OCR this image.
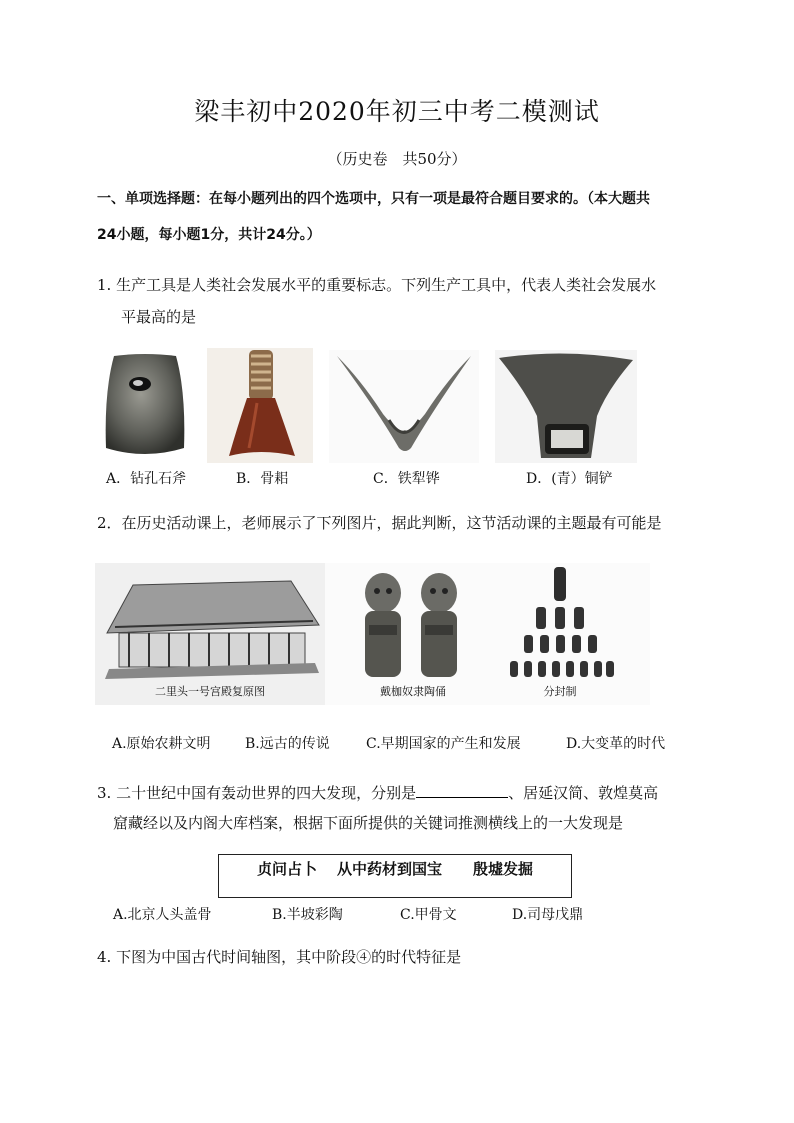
梁丰初中2020年初三中考二模测试
（历史卷　共50分）
一、单项选择题：在每小题列出的四个选项中，只有一项是最符合题目要求的。（本大题共
24小题，每小题1分，共计24分。）
1. 生产工具是人类社会发展水平的重要标志。下列生产工具中，代表人类社会发展水
平最高的是
A．钻孔石斧	B．骨耜	C．铁犁铧	D．(青）铜铲
2．在历史活动课上，老师展示了下列图片，据此判断，这节活动课的主题最有可能是
二里头一号宫殿复原图	戴枷奴隶陶俑	分封制
A.原始农耕文明 B.远古的传说	C.早期国家的产生和发展	D.大变革的时代
3. 二十世纪中国有轰动世界的四大发现，分别是	、居延汉简、敦煌莫高
窟藏经以及内阁大库档案，根据下面所提供的关键词推测横线上的一大发现是
贞问占卜 从中药材到国宝 殷墟发掘
A.北京人头盖骨	B.半坡彩陶	C.甲骨文	D.司母戊鼎
4. 下图为中国古代时间轴图，其中阶段④的时代特征是
